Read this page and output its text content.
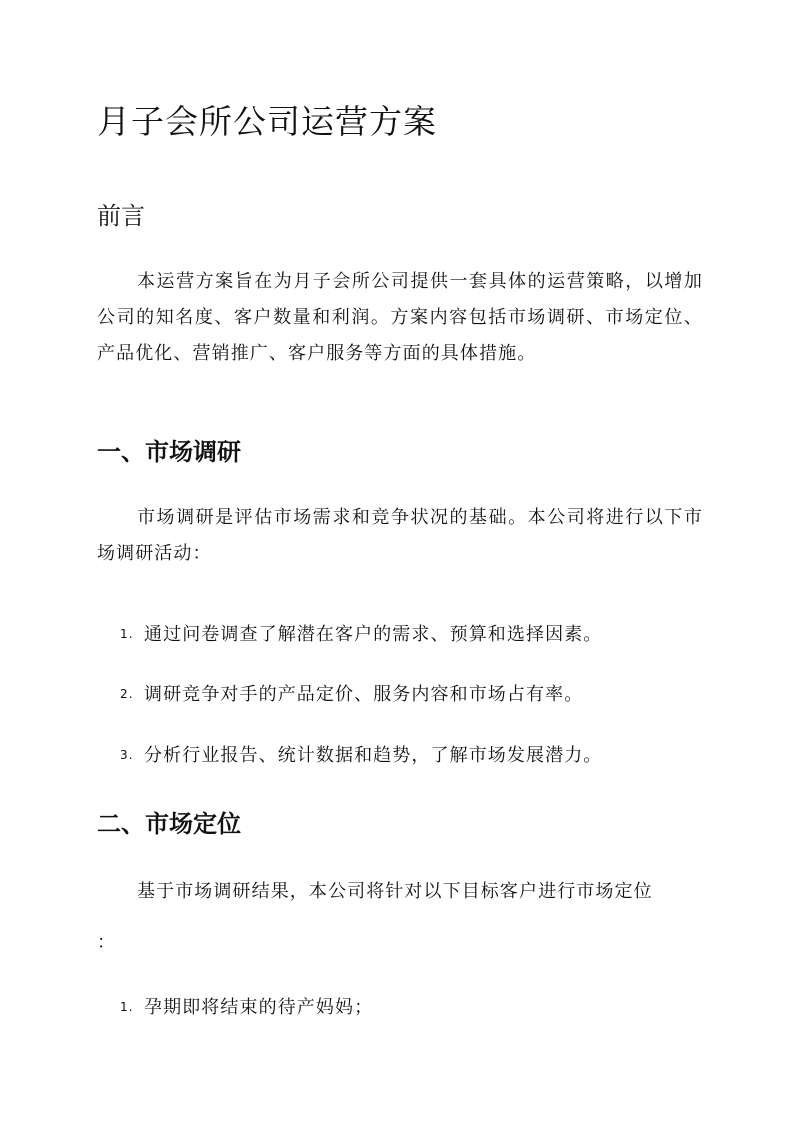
月子会所公司运营方案
前言
本运营方案旨在为月子会所公司提供一套具体的运营策略，以增加公司的知名度、客户数量和利润。方案内容包括市场调研、市场定位、产品优化、营销推广、客户服务等方面的具体措施。
一、市场调研
市场调研是评估市场需求和竞争状况的基础。本公司将进行以下市场调研活动：
1. 通过问卷调查了解潜在客户的需求、预算和选择因素。
2. 调研竞争对手的产品定价、服务内容和市场占有率。
3. 分析行业报告、统计数据和趋势，了解市场发展潜力。
二、市场定位
基于市场调研结果，本公司将针对以下目标客户进行市场定位
：
1. 孕期即将结束的待产妈妈；
